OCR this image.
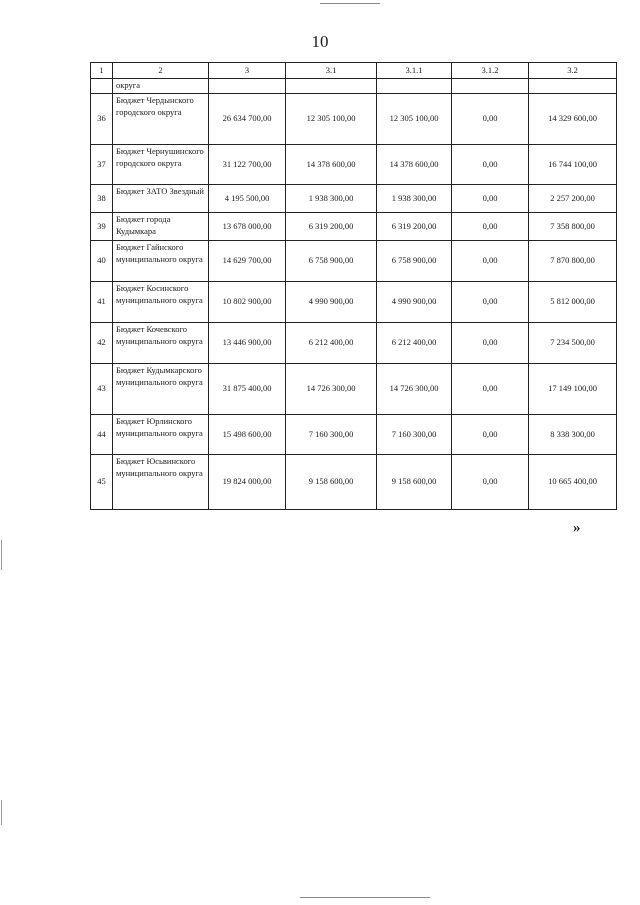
10
1	2	3	3.1	3.1.1	3.1.2	3.2
	округа					
36	Бюджет Чердынского городского округа	26 634 700,00	12 305 100,00	12 305 100,00	0,00	14 329 600,00
37	Бюджет Чернушинского городского округа	31 122 700,00	14 378 600,00	14 378 600,00	0,00	16 744 100,00
38	Бюджет ЗАТО Звездный	4 195 500,00	1 938 300,00	1 938 300,00	0,00	2 257 200,00
39	Бюджет города Кудымкара	13 678 000,00	6 319 200,00	6 319 200,00	0,00	7 358 800,00
40	Бюджет Гайнского муниципального округа	14 629 700,00	6 758 900,00	6 758 900,00	0,00	7 870 800,00
41	Бюджет Косинского муниципального округа	10 802 900,00	4 990 900,00	4 990 900,00	0,00	5 812 000,00
42	Бюджет Кочевского муниципального округа	13 446 900,00	6 212 400,00	6 212 400,00	0,00	7 234 500,00
43	Бюджет Кудымкарского муниципального округа	31 875 400,00	14 726 300,00	14 726 300,00	0,00	17 149 100,00
44	Бюджет Юрлинского муниципального округа	15 498 600,00	7 160 300,00	7 160 300,00	0,00	8 338 300,00
45	Бюджет Юсьвинского муниципального округа	19 824 000,00	9 158 600,00	9 158 600,00	0,00	10 665 400,00
»
